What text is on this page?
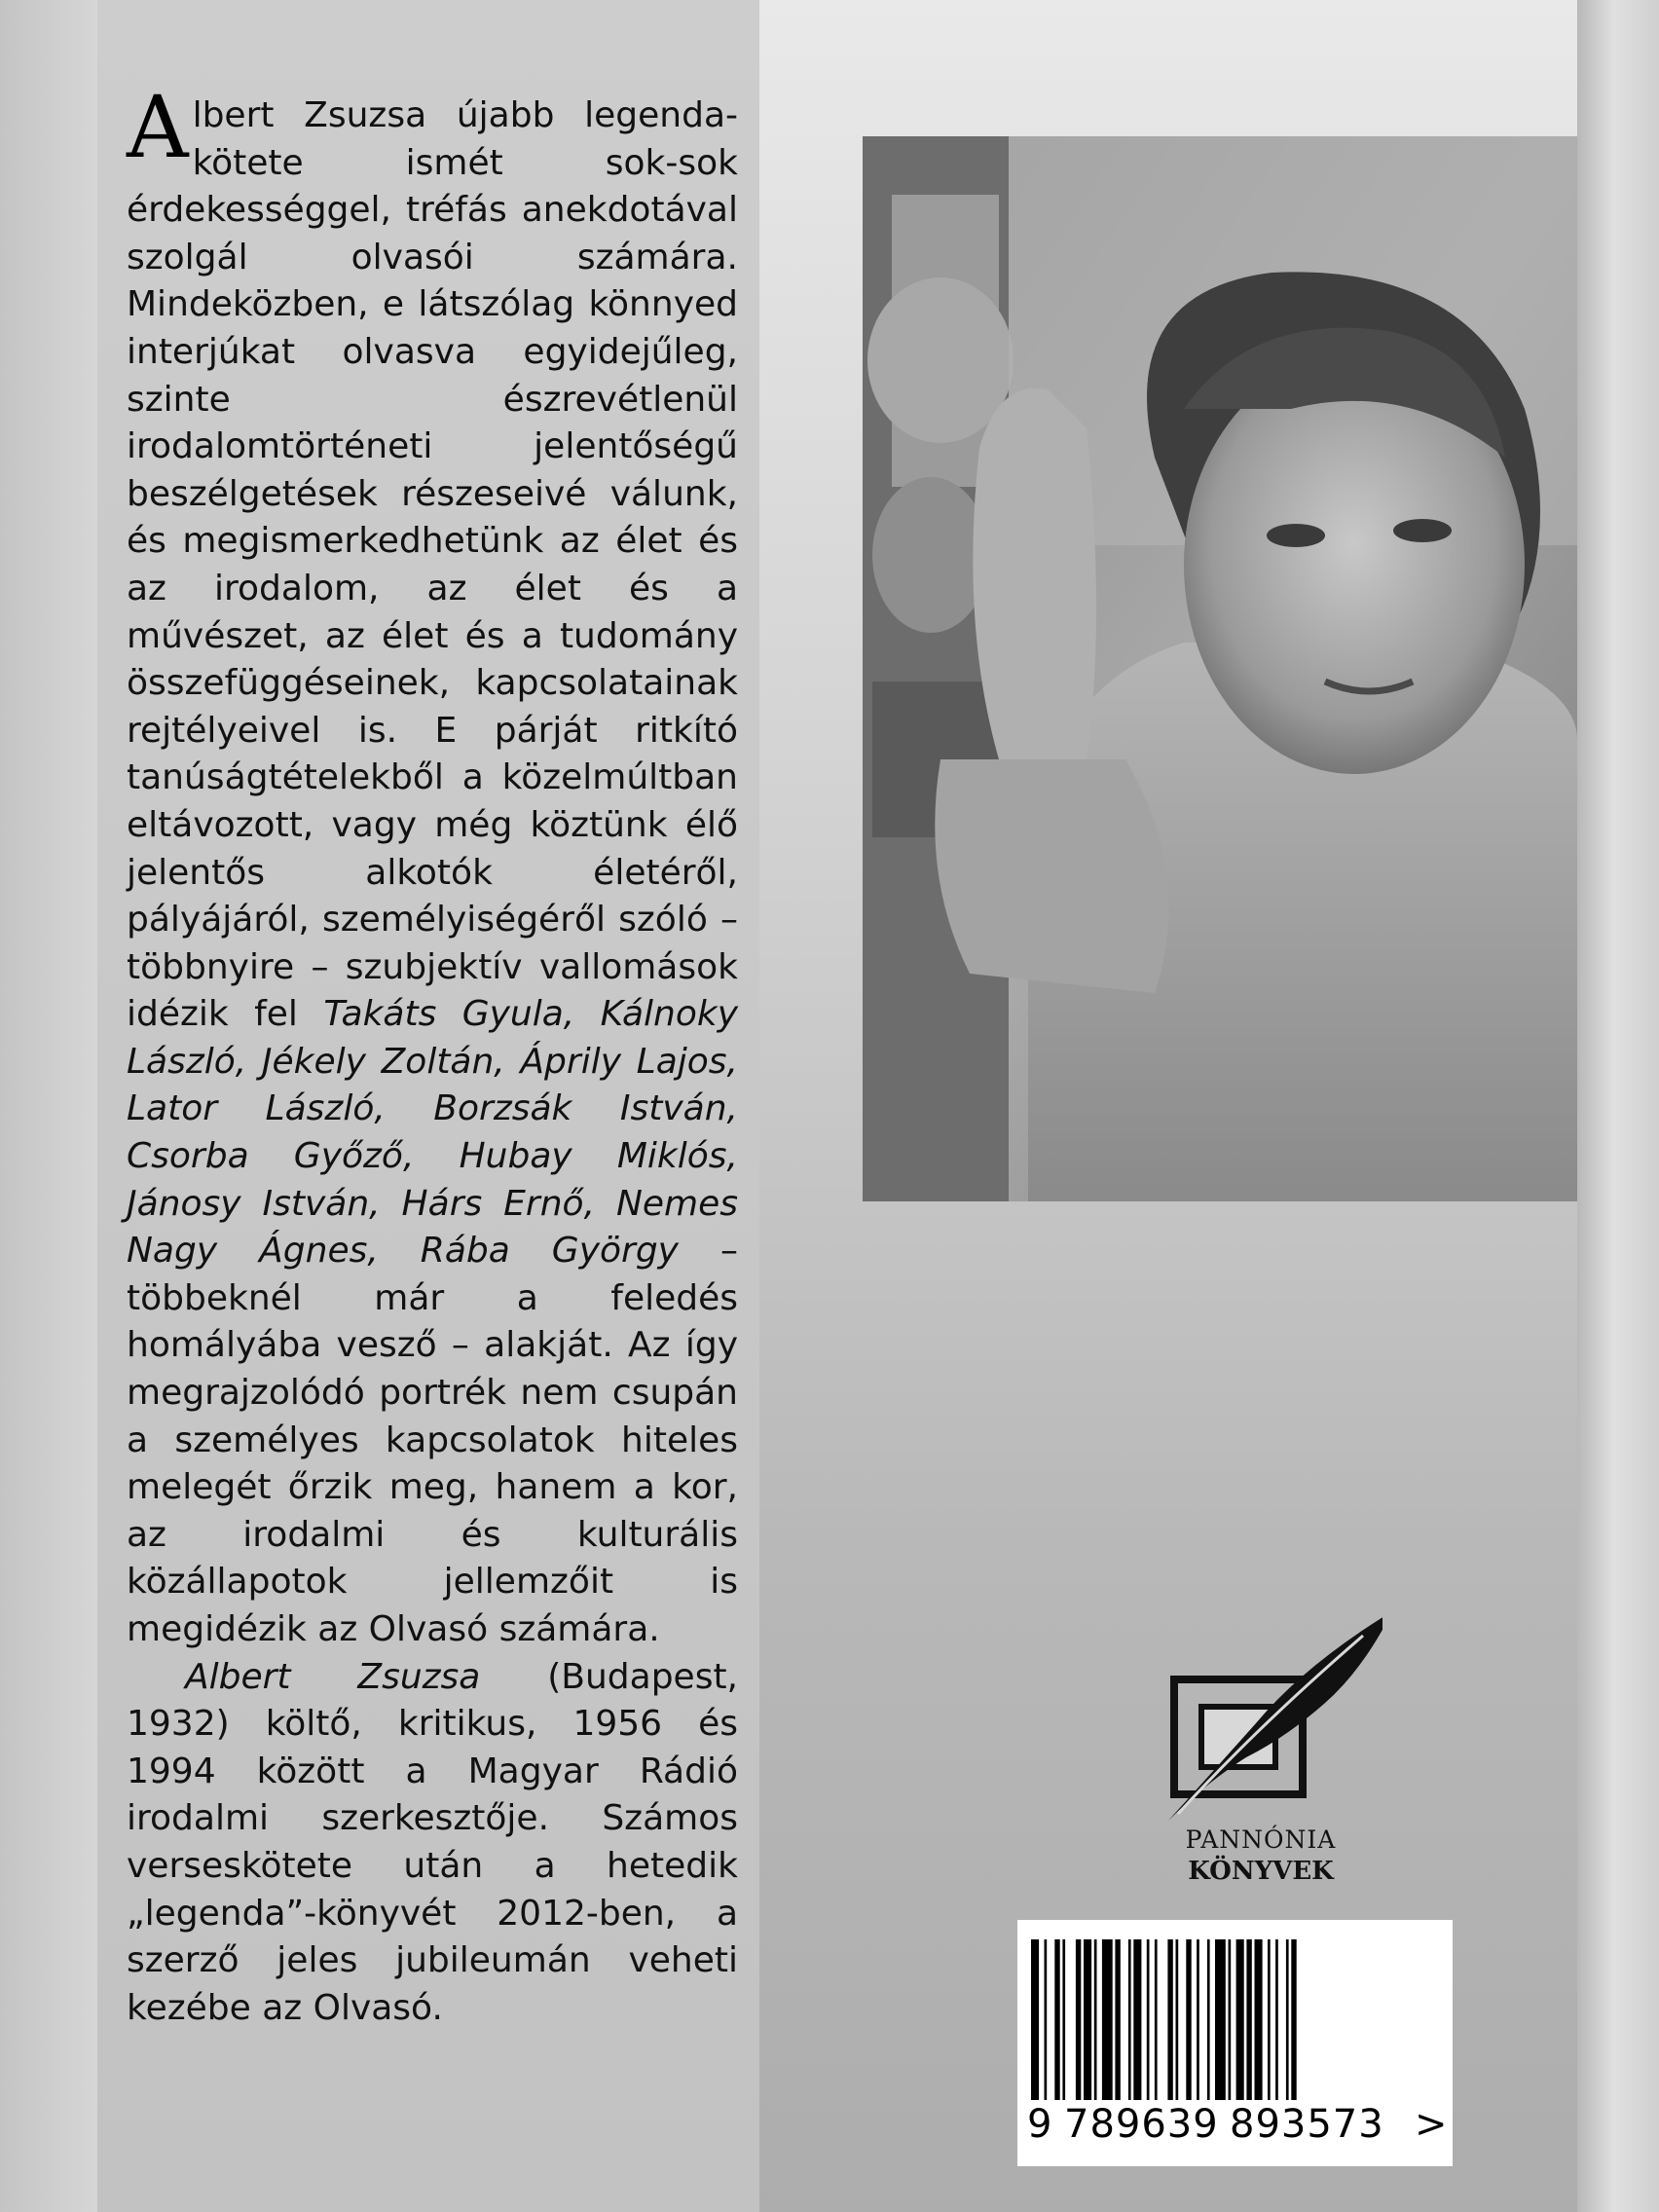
Albert Zsuzsa újabb legenda-kötete ismét sok-sok érdekességgel, tréfás anekdotával szolgál olvasói számára. Mindeközben, e látszólag könnyed interjúkat olvasva egyidejűleg, szinte észrevétlenül irodalomtörténeti jelentőségű beszélgetések részeseivé válunk, és megismerkedhetünk az élet és az irodalom, az élet és a művészet, az élet és a tudomány összefüggéseinek, kapcsolatainak rejtélyeivel is. E párját ritkító tanúságtételekből a közelmúltban eltávozott, vagy még köztünk élő jelentős alkotók életéről, pályájáról, személyiségéről szóló – többnyire – szubjektív vallomások idézik fel Takáts Gyula, Kálnoky László, Jékely Zoltán, Áprily Lajos, Lator László, Borzsák István, Csorba Győző, Hubay Miklós, Jánosy István, Hárs Ernő, Nemes Nagy Ágnes, Rába György – többeknél már a feledés homályába vesző – alakját. Az így megrajzolódó portrék nem csupán a személyes kapcsolatok hiteles melegét őrzik meg, hanem a kor, az irodalmi és kulturális közállapotok jellemzőit is megidézik az Olvasó számára.

Albert Zsuzsa (Budapest, 1932) költő, kritikus, 1956 és 1994 között a Magyar Rádió irodalmi szerkesztője. Számos verseskötete után a hetedik „legenda”-könyvét 2012-ben, a szerző jeles jubileumán veheti kezébe az Olvasó.

PANNÓNIA
KÖNYVEK
9 789639 893573 >
